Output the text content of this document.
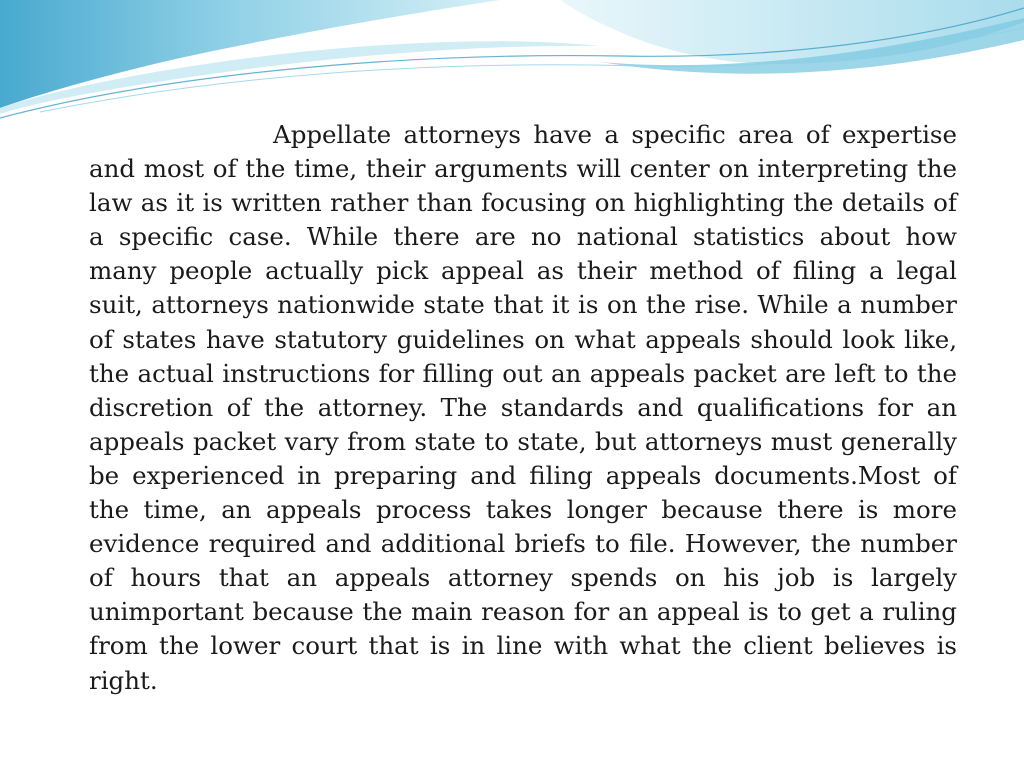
Appellate attorneys have a specific area of expertise and most of the time, their arguments will center on interpreting the law as it is written rather than focusing on highlighting the details of a specific case. While there are no national statistics about how many people actually pick appeal as their method of filing a legal suit, attorneys nationwide state that it is on the rise. While a number of states have statutory guidelines on what appeals should look like, the actual instructions for filling out an appeals packet are left to the discretion of the attorney. The standards and qualifications for an appeals packet vary from state to state, but attorneys must generally be experienced in preparing and filing appeals documents.Most of the time, an appeals process takes longer because there is more evidence required and additional briefs to file. However, the number of hours that an appeals attorney spends on his job is largely unimportant because the main reason for an appeal is to get a ruling from the lower court that is in line with what the client believes is right.
